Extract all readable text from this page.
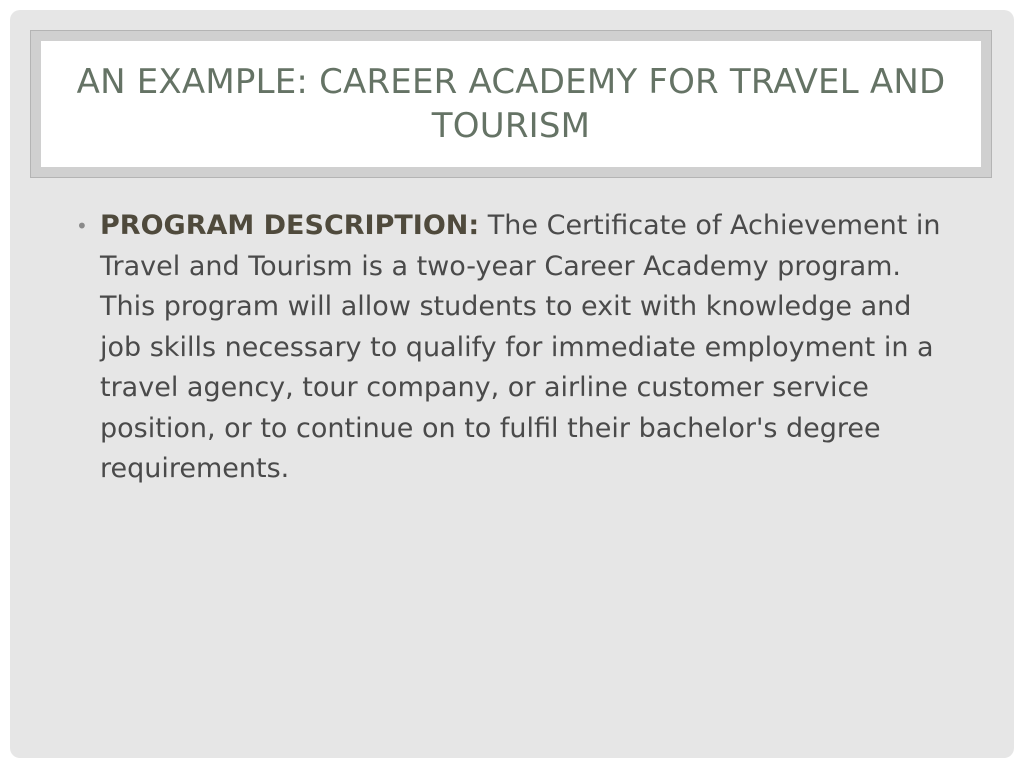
AN EXAMPLE: CAREER ACADEMY FOR TRAVEL AND TOURISM
• PROGRAM DESCRIPTION: The Certificate of Achievement in Travel and Tourism is a two-year Career Academy program. This program will allow students to exit with knowledge and job skills necessary to qualify for immediate employment in a travel agency, tour company, or airline customer service position, or to continue on to fulfil their bachelor's degree requirements.
